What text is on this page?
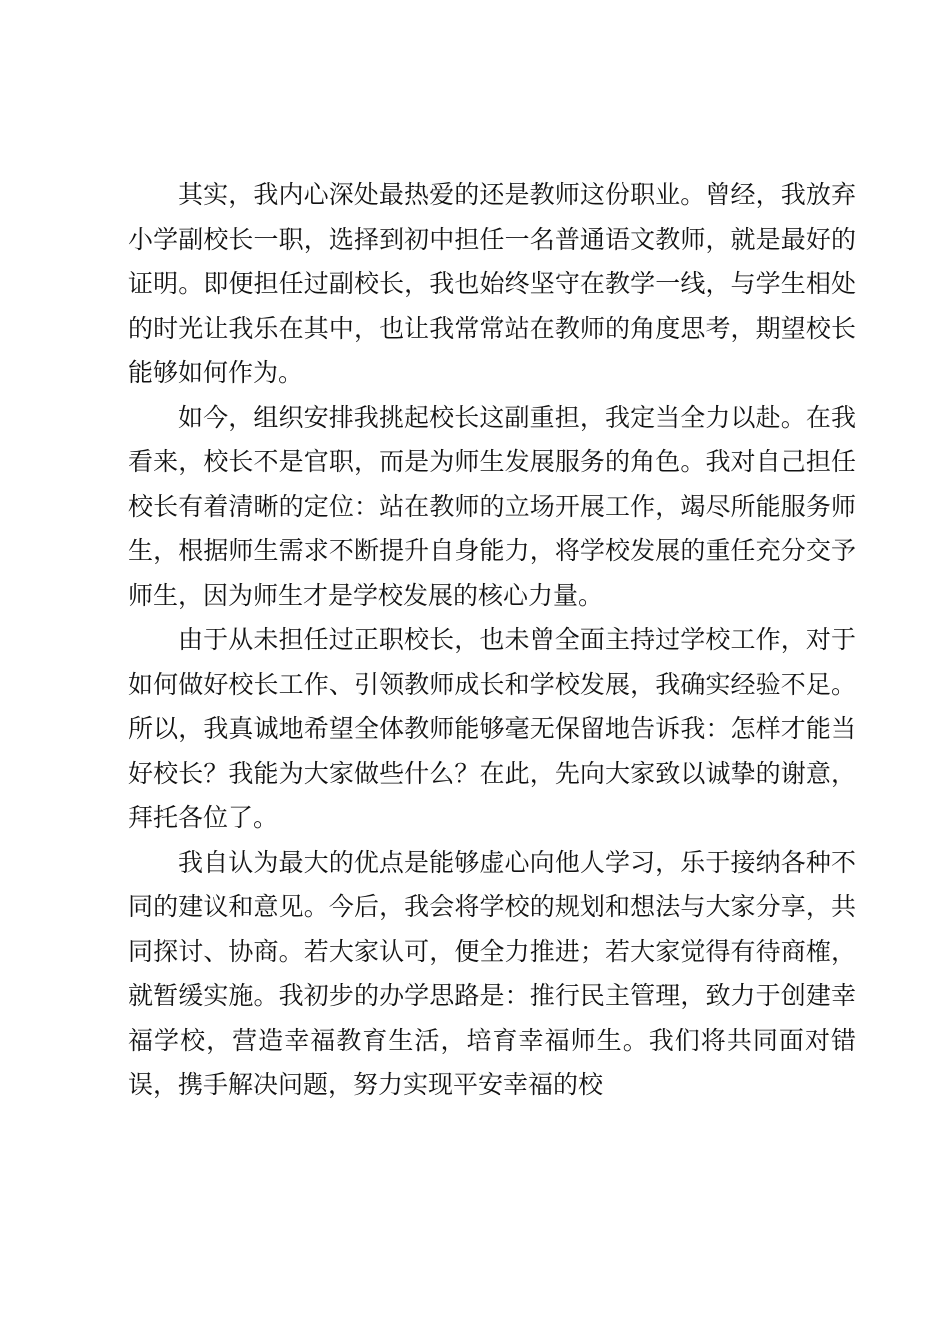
其实，我内心深处最热爱的还是教师这份职业。曾经，我放弃小学副校长一职，选择到初中担任一名普通语文教师，就是最好的证明。即便担任过副校长，我也始终坚守在教学一线，与学生相处的时光让我乐在其中，也让我常常站在教师的角度思考，期望校长能够如何作为。

如今，组织安排我挑起校长这副重担，我定当全力以赴。在我看来，校长不是官职，而是为师生发展服务的角色。我对自己担任校长有着清晰的定位：站在教师的立场开展工作，竭尽所能服务师生，根据师生需求不断提升自身能力，将学校发展的重任充分交予师生，因为师生才是学校发展的核心力量。

由于从未担任过正职校长，也未曾全面主持过学校工作，对于如何做好校长工作、引领教师成长和学校发展，我确实经验不足。所以，我真诚地希望全体教师能够毫无保留地告诉我：怎样才能当好校长？我能为大家做些什么？在此，先向大家致以诚挚的谢意，拜托各位了。

我自认为最大的优点是能够虚心向他人学习，乐于接纳各种不同的建议和意见。今后，我会将学校的规划和想法与大家分享，共同探讨、协商。若大家认可，便全力推进；若大家觉得有待商榷，就暂缓实施。我初步的办学思路是：推行民主管理，致力于创建幸福学校，营造幸福教育生活，培育幸福师生。我们将共同面对错误，携手解决问题，努力实现平安幸福的校
